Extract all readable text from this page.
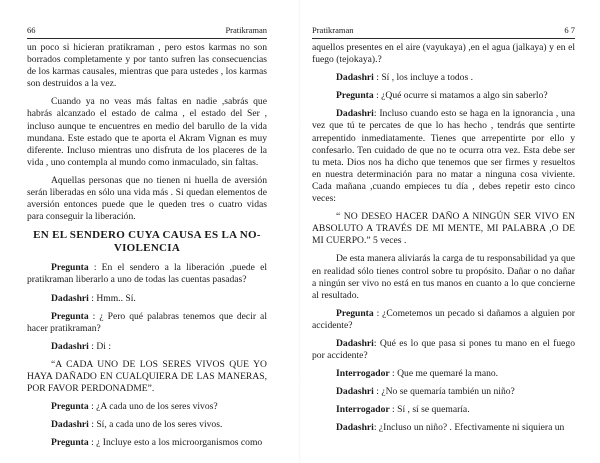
66	Pratikraman

un poco si hicieran pratikraman , pero estos karmas no son borrados completamente y por tanto sufren las consecuencias de los karmas causales, mientras que para ustedes , los karmas son destruidos a la vez.

Cuando ya no veas más faltas en nadie ,sabrás que habrás alcanzado el estado de calma , el estado del Ser , incluso aunque te encuentres en medio del barullo de la vida mundana. Este estado que te aporta el Akram Vignan es muy diferente. Incluso mientras uno disfruta de los placeres de la vida , uno contempla al mundo como inmaculado, sin faltas.

Aquellas personas que no tienen ni huella de aversión serán liberadas en sólo una vida más . Si quedan elementos de aversión entonces puede que le queden tres o cuatro vidas para conseguir la liberación.

EN EL SENDERO CUYA CAUSA ES LA NO-VIOLENCIA

Pregunta : En el sendero a la liberación ,puede el pratikraman liberarlo a uno de todas las cuentas pasadas?

Dadashri : Hmm.. Sí.

Pregunta : ¿ Pero qué palabras tenemos que decir al hacer pratikraman?

Dadashri : Di :

“A CADA UNO DE LOS SERES VIVOS QUE YO HAYA DAÑADO EN CUALQUIERA DE LAS MANERAS, POR FAVOR PERDONADME”.

Pregunta : ¿A cada uno de los seres vivos?

Dadashri : Sí, a cada uno de los seres vivos.

Pregunta : ¿ Incluye esto a los microorganismos como

Pratikraman	6 7

aquellos presentes en el aire (vayukaya) ,en el agua (jalkaya) y en el fuego (tejokaya).?

Dadashri : Sí , los incluye a todos .

Pregunta : ¿Qué ocurre si matamos a algo sin saberlo?

Dadashri: Incluso cuando esto se haga en la ignorancia , una vez que tú te percates de que lo has hecho , tendrás que sentirte arrepentido inmediatamente. Tienes que arrepentirte por ello y confesarlo. Ten cuidado de que no te ocurra otra vez. Esta debe ser tu meta. Dios nos ha dicho que tenemos que ser firmes y resueltos en nuestra determinación para no matar a ninguna cosa viviente. Cada mañana ,cuando empieces tu día , debes repetir esto cinco veces:

“ NO DESEO HACER DAÑO A NINGÚN SER VIVO EN ABSOLUTO A TRAVÉS DE MI MENTE, MI PALABRA ,O DE MI CUERPO.” 5 veces .

De esta manera aliviarás la carga de tu responsabilidad ya que en realidad sólo tienes control sobre tu propósito. Dañar o no dañar a ningún ser vivo no está en tus manos en cuanto a lo que concierne al resultado.

Pregunta : ¿Cometemos un pecado si dañamos a alguien por accidente?

Dadashri: Qué es lo que pasa si pones tu mano en el fuego por accidente?

Interrogador : Que me quemaré la mano.

Dadashri : ¿No se quemaría también un niño?

Interrogador : Sí , sí se quemaría.

Dadashri: ¿Incluso un niño? . Efectivamente ni siquiera un
